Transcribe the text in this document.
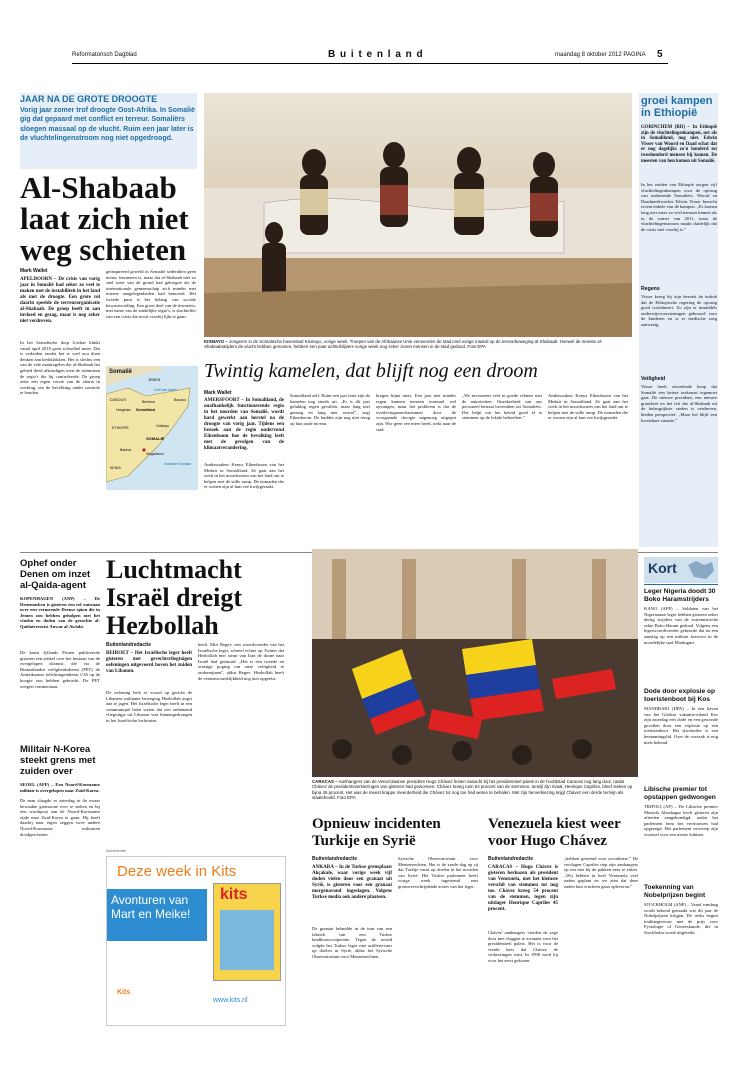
Reformatorisch Dagblad	B u i t e n l a n d	maandag 8 oktober 2012 PAGINA 5
JAAR NA DE GROTE DROOGTE
Vorig jaar zomer trof droogte Oost-Afrika. In Somalië gig dat gepaard met conflict en terreur. Somaliërs sloegen massaal op de vlucht. Ruim een jaar later is de vluchtelingenstroom nog niet opgedroogd.
Al-Shabaab laat zich niet weg schieten
Mark Wallet
APELDOORN – De crisis van vorig jaar in Somalië had zeker zo veel te maken met de instabiliteit in het land als met de droogte. Een grote rol daarin speelde de terreurorganisatie al-Shabaab. De groep heeft in aan invloed en gezag, maar is nog zeker niet verdreven.
In het Somalische dorp Jowhar klinkt vanaf april 2010 geen schoolbel meer. Dat is verboden omdat het te veel zou doen denken aan kerkklokken. Het is slechts een van de vele maatregelen die al-Shabaab het gebied deed afkondigen toen de islamisten de regio's die hij controleerde. De groep zette een eigen versie van de sharia in werking, om de bevolking onder controle te houden.
geïnspireerd geweld in Somalië sedertdien geen nieuw fenomeen is, maar dat al-Shabaab niet zo snel weer van de grond had gekregen als de internationale gemeenschap zich minder met interne aangelegenheden had bemoeid. Het tweede punt is het belang van sociale bewustwording. Een groot deel van de inwoners, met name van de zuidelijke regio's, is slachtoffer van een crisis die nooit voorbij lijkt te gaan.
Somalië
JEMEN
Golf van Aden
DJIBOUTI
Hargeisa
Berbera
Somaliland
Bosaso
ETHIOPIË	Galkayo
SOMALIË
Baidoa
Mogadishu
KENIA
Indische Oceaan
KISMAYO – Jongeren in de Somalische havenstad Kismayo, vorige week. Troepen van de Afrikaanse Unie veroverden de stad eind vorige maand op de terreurbeweging al-Shabaab. Hoewel de meeste al-Shabaabstrijders de vlucht hebben genomen, hebben een paar achterblijvers vorige week nog zeker zeven mensen in de stad gedood. Foto EPA
Twintig kamelen, dat blijft nog een droom
Mark Wallet
AMERSFOORT – In Somaliland, de onafhankelijk functionerende regio in het noorden van Somalië, wordt hard gewerkt aan herstel na de droogte van vorig jaar. Tijdens een bezoek aan de regio ondervond Eikenboom hoe de bevolking leeft met de gevolgen van de klimaatverandering.
Ambassadeur Kenya Eikenboom van het Medair in Somaliland. Ze gaat aan het werk in het noordoosten van het land om te helpen met de stille ramp. De nomaden die er wonen zijn al hun vee kwijtgeraakt.
Somaliland zelf. Ruim een jaar later zijn de kamelen nog steeds uit. „Er is dit jaar gelukkig regen gevallen, maar lang niet genoeg en lang niet overal”, zegt Eikenboom. De kuddes zijn nog niet terug op hun oude niveau.
kregen bijna niets. Een jaar met minder regen kunnen mensen normaal wel opvangen, maar het probleem is dat de overlevingsmechanismen door de voorgaande droogte nagenoeg uitgeput zijn. Wie geen vee meer heeft, trekt naar de stad.
„We investeren veel in goede relaties met de autoriteiten. Onzekerheid van ons personeel bestaat bovendien uit Somaliërs. Dat helpt om het beleid goed af te stemmen op de lokale behoeften.”
Ambassadeur Kenya Eikenboom van het Medair in Somaliland. Ze gaat aan het werk in het noordoosten van het land om te helpen met de stille ramp. De nomaden die er wonen zijn al hun vee kwijtgeraakt.
groei kampen in Ethiopië
GORINCHEM (RD) – In Ethiopië zijn de vluchtelingenkampen, net als in Somaliland, nog niet. Edwin Visser van Woord en Daad schat dat er nog dagelijks zo'n honderd tot tweehonderd mensen bij komen. De meesten van hen komen uit Somalië.
In het zuiden van Ethiopië zorgen vijf vluchtelingenkampen voor de opvang van ontheemde Somaliërs. Woord en Daadmedewerker Edwin Visser bezocht recent enkele van de kampen. „Er komen lang niet meer zo veel mensen binnen als in de zomer van 2011, maar de vluchtelingenstroom maakt duidelijk dat de crisis niet voorbij is.”
Regens
Visser kreeg bij zijn bezoek de indruk dat de Ethiopische regering de opvang goed coördineert. Zo zijn er inmiddels onderwijsvoorzieningen gebouwd voor de kinderen en is er medische zorg aanwezig.
Veiligheid
Visser heeft wisselende hoop dat Somalië een betere toekomst tegemoet gaat. De nieuwe president, een nieuwe grondwet en het feit dat al-Shabaab uit de belangrijkste steden is verdreven, bieden perspectief. „Maar het blijft een kwetsbare situatie.”
Ophef onder Denen om inzet al-Qaida-agent
KOPENHAGEN (ANP) – De Denemarken is gisteren een ref ontstaan over een vermeende Deense spion die in Jemen zou hebben geholpen met het vinden en doden van de gezochte al-Qaidaterrorist Anwar al-Awlaki.
De krant Jyllands Posten publiceerde gisteren een artikel over het bestaan van de overgelopen islamist, die via de Binnenlandse veiligheidsdienst (PET) de Amerikaanse inlichtingendienst CIA op de hoogte zou hebben gebracht. De PET weigert commentaar.
Militair N-Korea steekt grens met zuiden over
SEOEL (AFP) – Een Noord-Koreaanse militair is overgelopen naar Zuid-Korea.
De man slaagde er zaterdag in de zwaar bewaakte grenszone over te steken en bij een wachtpost aan de Noord-Koreaanse zijde naar Zuid-Korea te gaan. Hij heeft daarbij naar eigen zeggen twee andere Noord-Koreaanse militairen doodgeschoten.
Luchtmacht Israël dreigt Hezbollah
Buitenlandredactie
BEIROET – Het Israëlische leger heeft gisteren met gevechtsvliegtuigen oefeningen uitgevoerd boven het zuiden van Libanon.
De oefening leek er vooral op gericht de Libanese militante beweging Hezbollah angst aan te jagen. Het Israëlische leger heeft in een communiqué laten weten dat een onbemand vliegtuigje uit Libanon was binnengedrongen in het Israëlische luchtruim.
heeft. Miri Regev, een woordvoerder van het Israëlische leger, schreef echter op Twitter dat Hezbollah met steun van Iran de drone naar Israël had gestuurd. „Het is een tweede en ernstige poging om onze veiligheid te ondermijnen”, aldus Regev. Hezbollah heeft de verantwoordelijkheid nog niet opgeëist.
Advertentie
Deze week in Kits
Avonturen van Mart en Meike!
kits
Kits
www.kits.nl
CARACAS – Aanhangers van de Venezolaanse president Hugo Chávez festen vanacht bij het presidentieel paleis in de hoofdstad Caracas nog lang door, nadat Chávez de presidentsverkiezingen van gisteren had gewonnen. Chávez kreeg ruim 54 procent van de stemmen, terwijl zijn rivaal, Henrique Capriles, bleef steken op bijna 45 procent. Het was de meest krappe meerderheid die Chávez tot nog toe had weten te behalen. Met zijn herverkiezing krijgt Chávez een derde termijn als staatshoofd. Foto EPA
Opnieuw incidenten Turkije en Syrië
Buitenlandredactie
ANKARA – In de Turkse grensplaats Akçakale, waar vorige week vijf doden vielen door een granaat uit Syrië, is gisteren voor een granaat morgenavond ingeslagen. Volgens Turkse media ook andere plaatsen.
De granaat belandde in de tuin van een fabriek van een Turkse landbouwcoöperatie. Tegen de avond volgde het Turkse leger met artillerievuur op doelen in Syrië, aldus het Syrische Observatorium voor Mensenrechten.
Syrische Observatorium voor Mensenrechten. Het is de zesde dag op rij dat Turkije vuurt op doelen in het noorden van Syrië. Het Turkse parlement heeft vorige week ingestemd met grensoverschrijdende acties van het leger.
Venezuela kiest weer voor Hugo Chávez
Buitenlandredactie
CARACAS – Hugo Chávez is gisteren herkozen als president van Venezuela, met het kleinste verschil van stemmen tot nog toe. Chávez kreeg 54 procent van de stemmen, tegen zijn uitdager Henrique Capriles 45 procent.
Chávez' aanhangers vierden de zege door met vlaggen te zwaaien voor het presidentieel paleis. Het is voor de vierde keer dat Chávez de verkiezingen wint. In 1998 werd hij voor het eerst gekozen.
„hebben gestemd voor socialisme.” De verslagen Capriles riep zijn aanhangers op om niet bij de pakken neer te zitten. „Wij hebben in heel Venezuela veel zaden geplant en we zien dat deze zaden hun vruchten gaan opleveren.”
Kort
Leger Nigeria doodt 30 Boko Haramstrijders
KANO (AFP) – Soldaten van het Nigeriaanse leger hebben gisteren zeker dertig strijders van de extremistische sekte Boko Haram gedood. Volgens een legerwoordvoerder gebeurde dat na een aanslag op een militair konvooi in de noordelijke stad Maiduguri.
Dode door explosie op toeristenboot bij Kos
MANDRAKI (DPA) – In een haven van het Griekse vakantie-eiland Kos zijn zaterdag een dode en een gewonde gevallen door een explosie op een toeristenboot. Het slachtoffer is een bemanningslid. Over de oorzaak is nog niets bekend.
Libische premier tot opstappen gedwongen
TRIPOLI (AP) – De Libische premier Mustafa Abushagur heeft gisteren zijn aftreden aangekondigd, nadat het parlement hem het vertrouwen had opgezegd. Het parlement verwierp zijn voorstel voor een nieuw kabinet.
Toekenning van Nobelprijzen begint
STOCKHOLM (ANP) – Vanaf vandaag wordt bekend gemaakt wie dit jaar de Nobelprijzen krijgen. De reeks begint traditiegetrouw met de prijs voor Fysiologie of Geneeskunde, die in Stockholm wordt uitgereikt.
